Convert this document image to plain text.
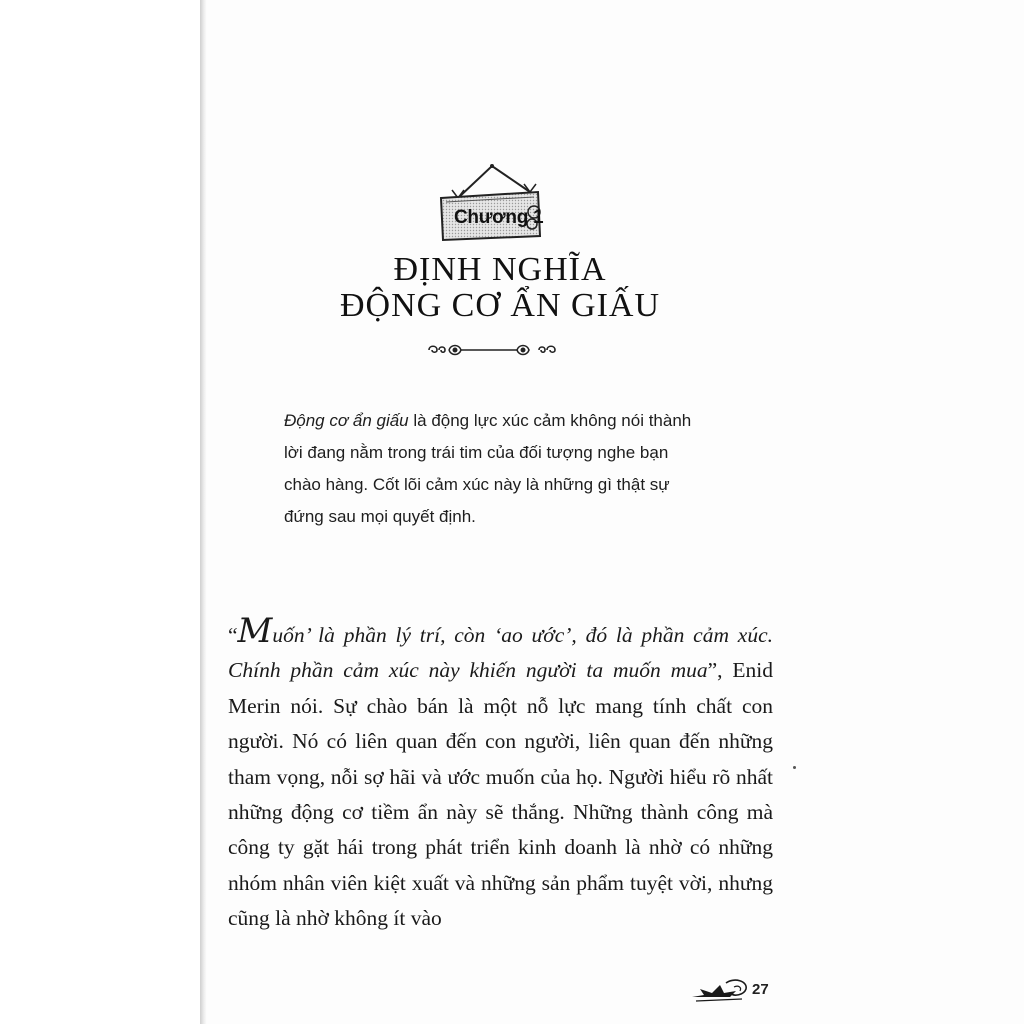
Chương 1
ĐỊNH NGHĨA
ĐỘNG CƠ ẨN GIẤU

Động cơ ẩn giấu là động lực xúc cảm không nói thành lời đang nằm trong trái tim của đối tượng nghe bạn chào hàng. Cốt lõi cảm xúc này là những gì thật sự đứng sau mọi quyết định.

“Muốn’ là phần lý trí, còn ‘ao ước’, đó là phần cảm xúc. Chính phần cảm xúc này khiến người ta muốn mua”, Enid Merin nói. Sự chào bán là một nỗ lực mang tính chất con người. Nó có liên quan đến con người, liên quan đến những tham vọng, nỗi sợ hãi và ước muốn của họ. Người hiểu rõ nhất những động cơ tiềm ẩn này sẽ thắng. Những thành công mà công ty gặt hái trong phát triển kinh doanh là nhờ có những nhóm nhân viên kiệt xuất và những sản phẩm tuyệt vời, nhưng cũng là nhờ không ít vào

27
